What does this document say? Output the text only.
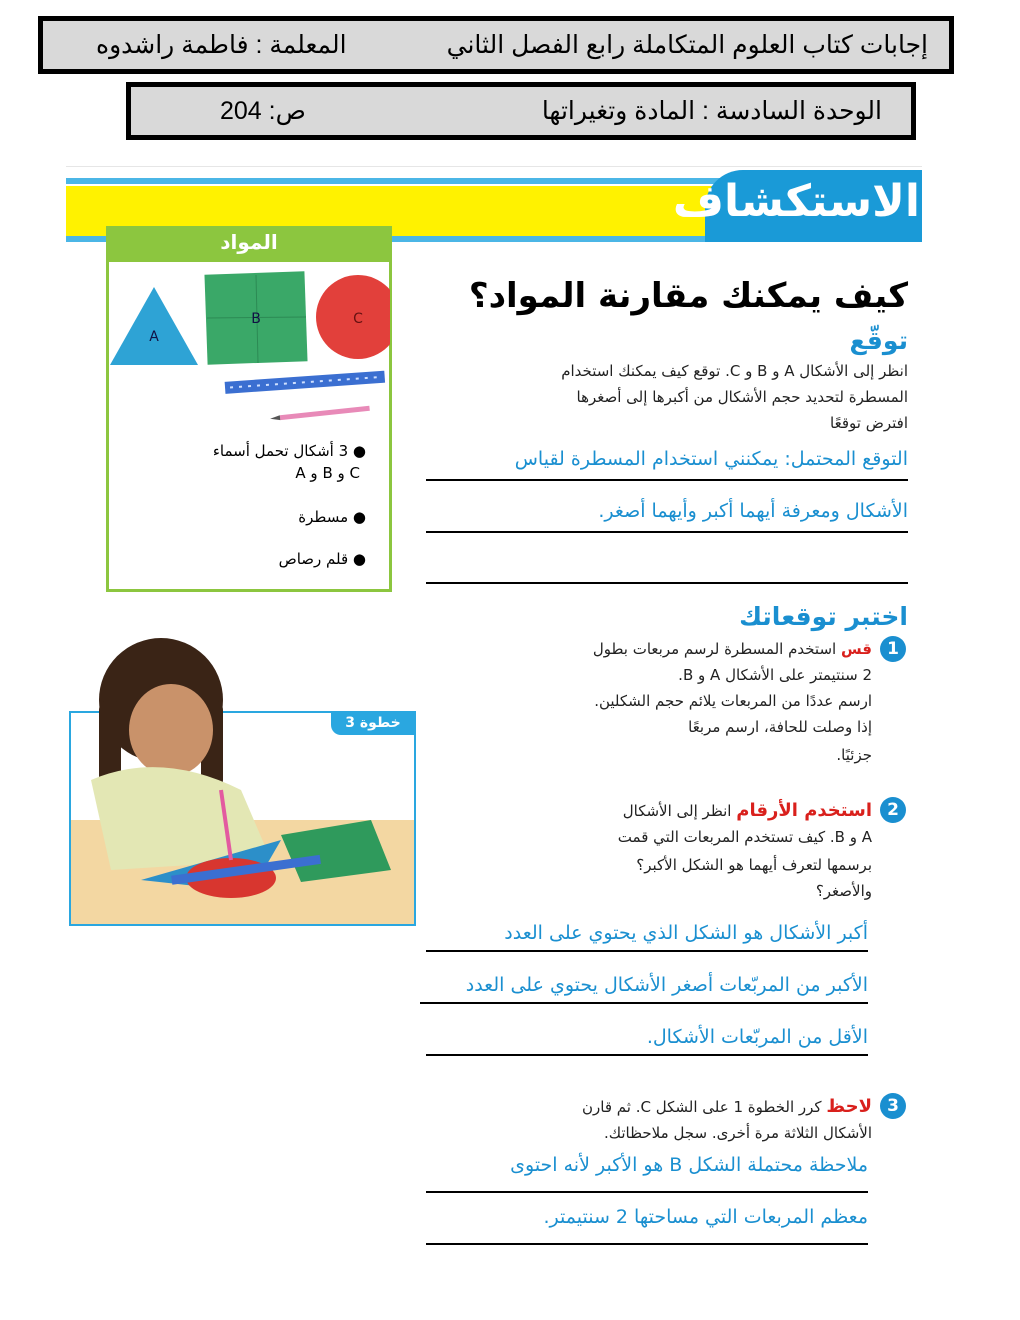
إجابات كتاب العلوم المتكاملة رابع الفصل الثاني
المعلمة : فاطمة راشدوه
الوحدة السادسة : المادة وتغيراتها
ص: 204
الاستكشاف
المواد
A
B	C
● 3 أشكال تحمل أسماء
C و B و A
● مسطرة
● قلم رصاص
كيف يمكنك مقارنة المواد؟
توقّع
انظر إلى الأشكال A و B و C. توقع كيف يمكنك استخدام
المسطرة لتحديد حجم الأشكال من أكبرها إلى أصغرها
افترض توقعًا
التوقع المحتمل: يمكنني استخدام المسطرة لقياس
الأشكال ومعرفة أيهما أكبر وأيهما أصغر.
اختبر توقعاتك
1
قس استخدم المسطرة لرسم مربعات بطول
2 سنتيمتر على الأشكال A و B.
ارسم عددًا من المربعات يلائم حجم الشكلين.
إذا وصلت للحافة، ارسم مربعًا
جزئيًا.
خطوة 3
2
استخدم الأرقام انظر إلى الأشكال
A و B. كيف تستخدم المربعات التي قمت
برسمها لتعرف أيهما هو الشكل الأكبر؟
والأصغر؟
أكبر الأشكال هو الشكل الذي يحتوي على العدد
الأكبر من المربّعات أصغر الأشكال يحتوي على العدد
الأقل من المربّعات الأشكال.
3
لاحظ كرر الخطوة 1 على الشكل C. ثم قارن
الأشكال الثلاثة مرة أخرى. سجل ملاحظاتك.
ملاحظة محتملة الشكل B هو الأكبر لأنه احتوى
معظم المربعات التي مساحتها 2 سنتيمتر.
